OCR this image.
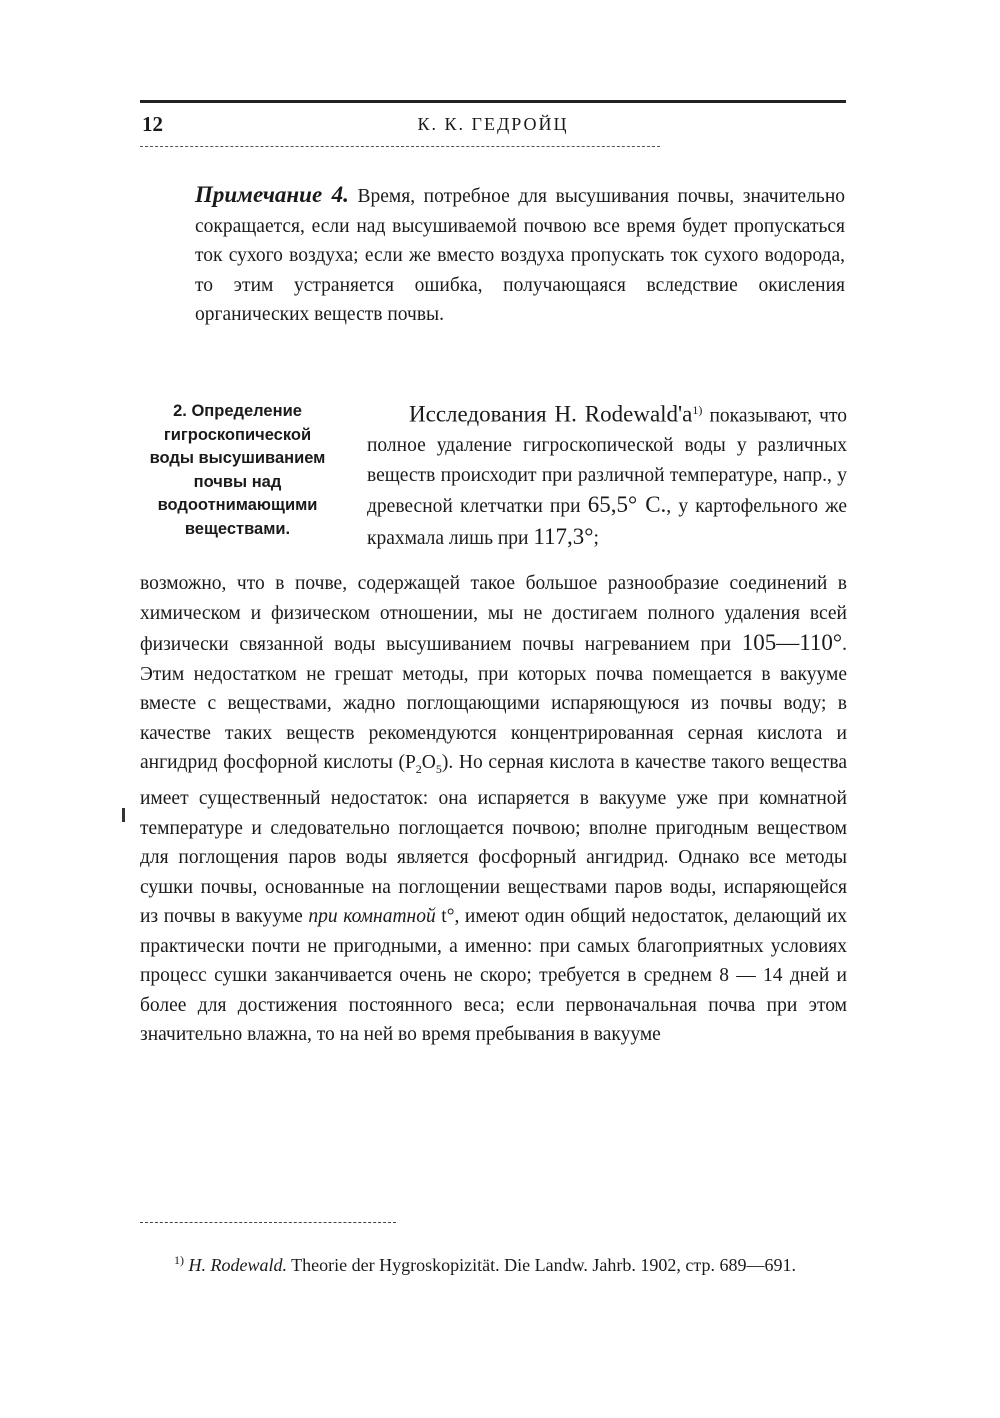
12	К. К. ГЕДРОЙЦ
Примечание 4. Время, потребное для высушивания почвы, значительно сокращается, если над высушиваемой почвою все время будет пропускаться ток сухого воздуха; если же вместо воздуха пропускать ток сухого водорода, то этим устраняется ошибка, получающаяся вследствие окисления органических веществ почвы.
2. Определение гигроскопической воды высушиванием почвы над водоотнимающими веществами.
Исследования H. $Rodewald'a^{1)}$ показывают, что полное удаление гигроскопической воды у различных веществ происходит при различной температуре, напр., у древесной клетчатки при 65,5° С., у картофельного же крахмала лишь при 117,3°;
возможно, что в почве, содержащей такое большое разнообразие соединений в химическом и физическом отношении, мы не достигаем полного удаления всей физически связанной воды высушиванием почвы нагреванием при 105—110°. Этим недостатком не грешат методы, при которых почва помещается в вакууме вместе с веществами, жадно поглощающими испаряющуюся из почвы воду; в качестве таких веществ рекомендуются концентрированная серная кислота и ангидрид фосфорной кислоты $(P_2O_5)$. Но серная кислота в качестве такого вещества имеет существенный недостаток: она испаряется в вакууме уже при комнатной температуре и следовательно поглощается почвою; вполне пригодным веществом для поглощения паров воды является фосфорный ангидрид. Однако все методы сушки почвы, основанные на поглощении веществами паров воды, испаряющейся из почвы в вакууме при комнатной t°, имеют один общий недостаток, делающий их практически почти не пригодными, а именно: при самых благоприятных условиях процесс сушки заканчивается очень не скоро; требуется в среднем 8 — 14 дней и более для достижения постоянного веса; если первоначальная почва при этом значительно влажна, то на ней во время пребывания в вакууме
$^{1)}$ H. Rodewald. Theorie der Hygroskopizität. Die Landw. Jahrb. 1902, стр. 689—691.
